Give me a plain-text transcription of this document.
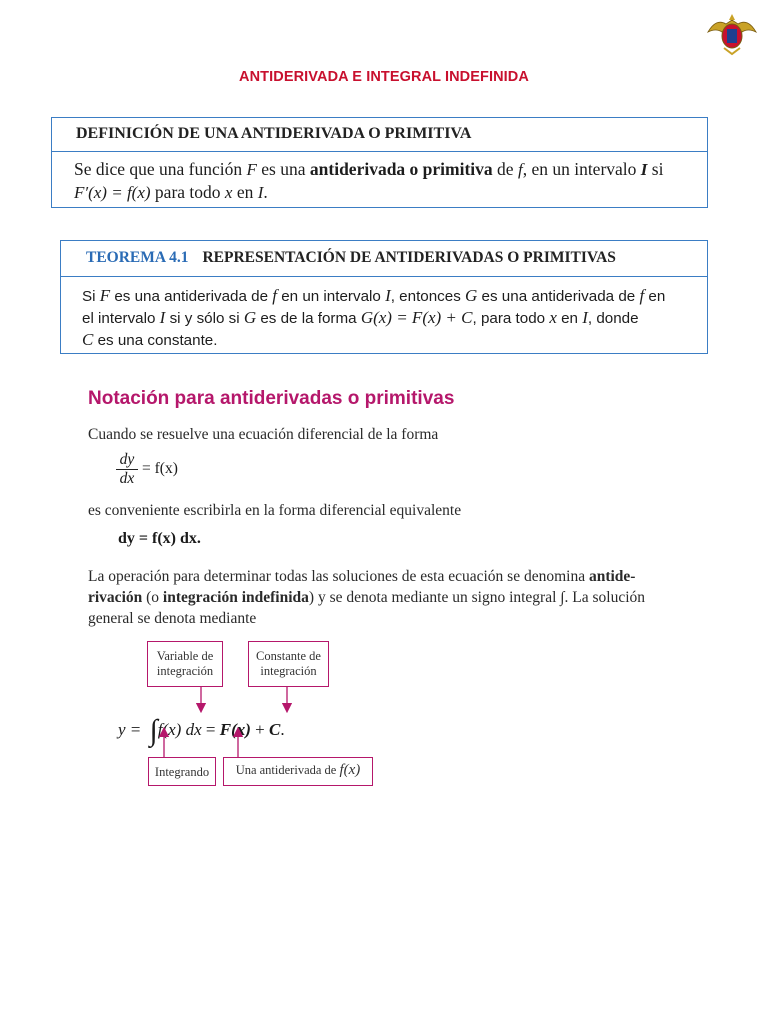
ANTIDERIVADA E INTEGRAL INDEFINIDA
DEFINICIÓN DE UNA ANTIDERIVADA O PRIMITIVA
Se dice que una función F es una antiderivada o primitiva de f, en un intervalo I si
F′(x) = f(x) para todo x en I.
TEOREMA 4.1 REPRESENTACIÓN DE ANTIDERIVADAS O PRIMITIVAS
Si F es una antiderivada de f en un intervalo I, entonces G es una antiderivada de f en
el intervalo I si y sólo si G es de la forma G(x) = F(x) + C, para todo x en I, donde
C es una constante.
Notación para antiderivadas o primitivas
Cuando se resuelve una ecuación diferencial de la forma
$\frac{dy}{dx} = f(x)$
es conveniente escribirla en la forma diferencial equivalente
dy = f(x) dx.
La operación para determinar todas las soluciones de esta ecuación se denomina antide-
rivación (o integración indefinida) y se denota mediante un signo integral ∫. La solución
general se denota mediante
Variable de integración
Constante de integración
Integrando	Una antiderivada de f(x)
y = ∫f(x) dx = F(x) + C.
